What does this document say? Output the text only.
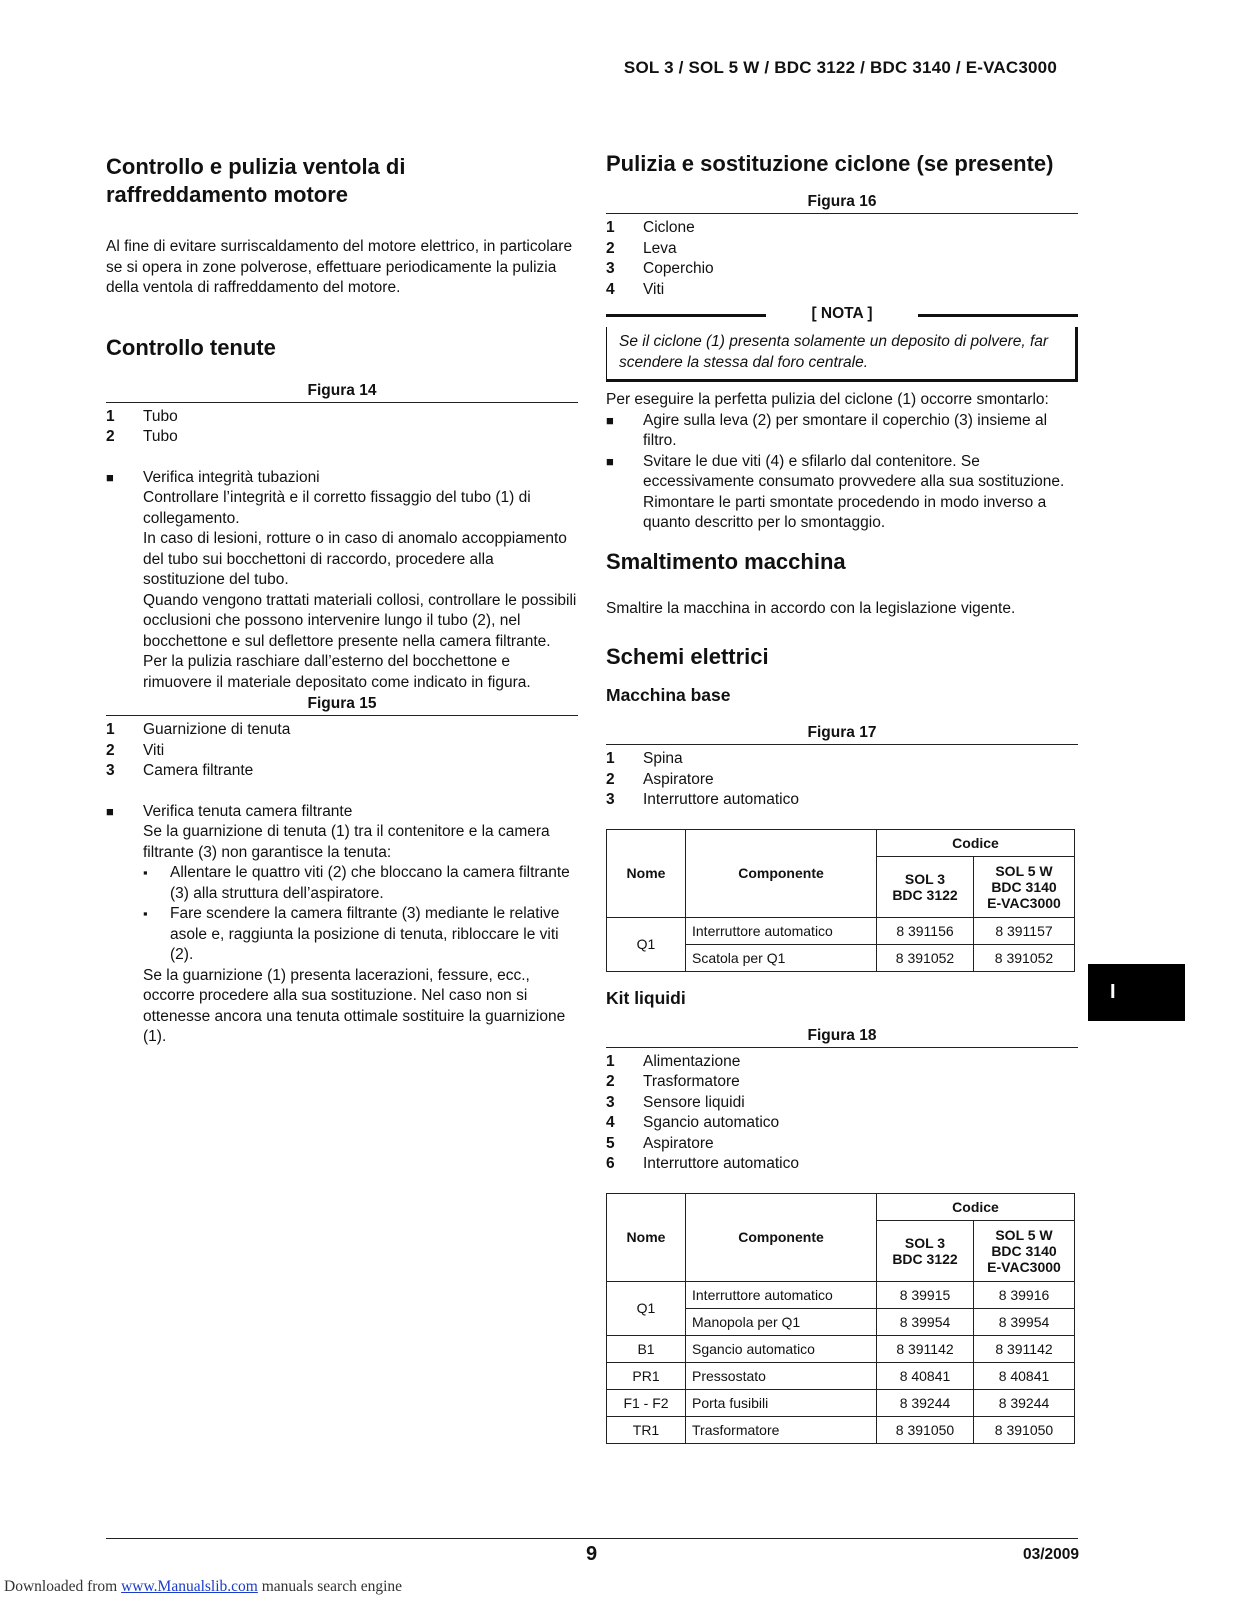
SOL 3 / SOL 5 W / BDC 3122 / BDC 3140 / E-VAC3000
Controllo e pulizia ventola di raffreddamento motore

Al fine di evitare surriscaldamento del motore elettrico, in particolare se si opera in zone polverose, effettuare periodicamente la pulizia della ventola di raffreddamento del motore.

Controllo tenute
Figura 14
1	Tubo
2	Tubo
■	Verifica integrità tubazioni
Controllare l’integrità e il corretto fissaggio del tubo (1) di collegamento.
In caso di lesioni, rotture o in caso di anomalo accoppiamento del tubo sui bocchettoni di raccordo, procedere alla sostituzione del tubo.
Quando vengono trattati materiali collosi, controllare le possibili occlusioni che possono intervenire lungo il tubo (2), nel bocchettone e sul deflettore presente nella camera filtrante.
Per la pulizia raschiare dall’esterno del bocchettone e rimuovere il materiale depositato come indicato in figura.
Figura 15
1	Guarnizione di tenuta
2	Viti
3	Camera filtrante
■	Verifica tenuta camera filtrante
Se la guarnizione di tenuta (1) tra il contenitore e la camera filtrante (3) non garantisce la tenuta:
▪	Allentare le quattro viti (2) che bloccano la camera filtrante (3) alla struttura dell’aspiratore.
▪	Fare scendere la camera filtrante (3) mediante le relative asole e, raggiunta la posizione di tenuta, ribloccare le viti (2).
Se la guarnizione (1) presenta lacerazioni, fessure, ecc., occorre procedere alla sua sostituzione. Nel caso non si ottenesse ancora una tenuta ottimale sostituire la guarnizione (1).
Pulizia e sostituzione ciclone (se presente)
Figura 16
1	Ciclone
2	Leva
3	Coperchio
4	Viti
[ NOTA ]
Se il ciclone (1) presenta solamente un deposito di polvere, far scendere la stessa dal foro centrale.

Per eseguire la perfetta pulizia del ciclone (1) occorre smontarlo:

■	Agire sulla leva (2) per smontare il coperchio (3) insieme al filtro.
■	Svitare le due viti (4) e sfilarlo dal contenitore. Se eccessivamente consumato provvedere alla sua sostituzione. Rimontare le parti smontate procedendo in modo inverso a quanto descritto per lo smontaggio.
Smaltimento macchina

Smaltire la macchina in accordo con la legislazione vigente.

Schemi elettrici
Macchina base
Figura 17
1	Spina
2	Aspiratore
3	Interruttore automatico
Nome	Componente	Codice	
		SOL 3
BDC 3122	SOL 5 W
BDC 3140
E-VAC3000
Q1	Interruttore automatico	8 391156	8 391157
	Scatola per Q1	8 391052	8 391052
Kit liquidi
Figura 18
1	Alimentazione
2	Trasformatore
3	Sensore liquidi
4	Sgancio automatico
5	Aspiratore
6	Interruttore automatico
Nome	Componente	Codice	
		SOL 3
BDC 3122	SOL 5 W
BDC 3140
E-VAC3000
Q1	Interruttore automatico	8 39915	8 39916
	Manopola per Q1	8 39954	8 39954
B1	Sgancio automatico	8 391142	8 391142
PR1	Pressostato	8 40841	8 40841
F1 - F2	Porta fusibili	8 39244	8 39244
TR1	Trasformatore	8 391050	8 391050
I
9	03/2009
Downloaded from www.Manualslib.com manuals search engine
